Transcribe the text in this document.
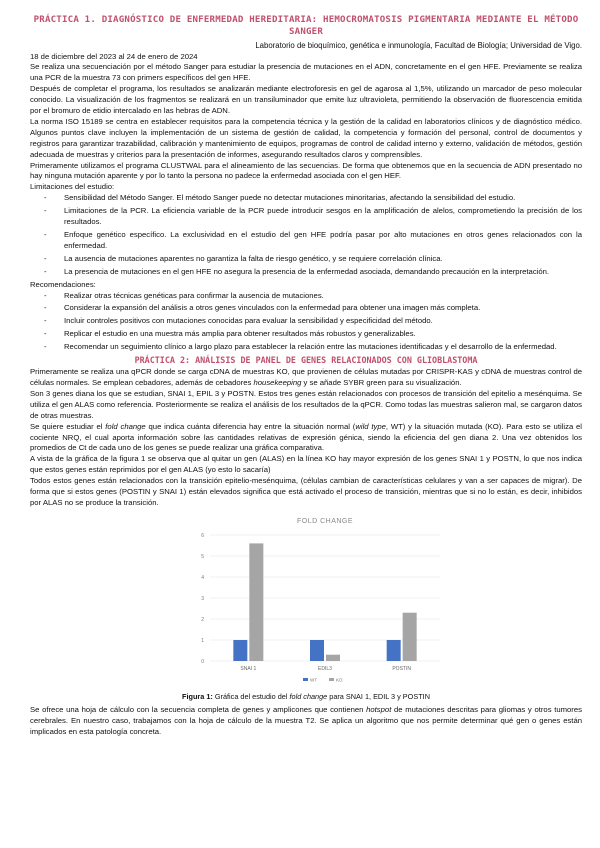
PRÁCTICA 1. DIAGNÓSTICO DE ENFERMEDAD HEREDITARIA: HEMOCROMATOSIS PIGMENTARIA MEDIANTE EL MÉTODO SANGER
Laboratorio de bioquímico, genética e inmunología, Facultad de Biología; Universidad de Vigo.

18 de diciembre del 2023 al 24 de enero de 2024

Se realiza una secuenciación por el método Sanger para estudiar la presencia de mutaciones en el ADN, concretamente en el gen HFE. Previamente se realiza una PCR de la muestra 73 con primers específicos del gen HFE.

Después de completar el programa, los resultados se analizarán mediante electroforesis en gel de agarosa al 1,5%, utilizando un marcador de peso molecular conocido. La visualización de los fragmentos se realizará en un transiluminador que emite luz ultravioleta, permitiendo la observación de fluorescencia emitida por el bromuro de etidio intercalado en las hebras de ADN.

La norma ISO 15189 se centra en establecer requisitos para la competencia técnica y la gestión de la calidad en laboratorios clínicos y de diagnóstico médico. Algunos puntos clave incluyen la implementación de un sistema de gestión de calidad, la competencia y formación del personal, control de documentos y registros para garantizar trazabilidad, calibración y mantenimiento de equipos, programas de control de calidad interno y externo, validación de métodos, gestión adecuada de muestras y criterios para la presentación de informes, asegurando resultados claros y comprensibles.

Primeramente utilizamos el programa CLUSTWAL para el alineamiento de las secuencias. De forma que obtenemos que en la secuencia de ADN presentado no hay ninguna mutación aparente y por lo tanto la persona no padece la enfermedad asociada con el gen HEF.

Limitaciones del estudio:

- Sensibilidad del Método Sanger. El método Sanger puede no detectar mutaciones minoritarias, afectando la sensibilidad del estudio.
- Limitaciones de la PCR. La eficiencia variable de la PCR puede introducir sesgos en la amplificación de alelos, comprometiendo la precisión de los resultados.
- Enfoque genético específico. La exclusividad en el estudio del gen HFE podría pasar por alto mutaciones en otros genes relacionados con la enfermedad.
- La ausencia de mutaciones aparentes no garantiza la falta de riesgo genético, y se requiere correlación clínica.
- La presencia de mutaciones en el gen HFE no asegura la presencia de la enfermedad asociada, demandando precaución en la interpretación.

Recomendaciones:

- Realizar otras técnicas genéticas para confirmar la ausencia de mutaciones.
- Considerar la expansión del análisis a otros genes vinculados con la enfermedad para obtener una imagen más completa.
- Incluir controles positivos con mutaciones conocidas para evaluar la sensibilidad y especificidad del método.
- Replicar el estudio en una muestra más amplia para obtener resultados más robustos y generalizables.
- Recomendar un seguimiento clínico a largo plazo para establecer la relación entre las mutaciones identificadas y el desarrollo de la enfermedad.
PRÁCTICA 2: ANÁLISIS DE PANEL DE GENES RELACIONADOS CON GLIOBLASTOMA

Primeramente se realiza una qPCR donde se carga cDNA de muestras KO, que provienen de células mutadas por CRISPR-KAS y cDNA de muestras control de células normales. Se emplean cebadores, además de cebadores housekeeping y se añade SYBR green para su visualización.

Son 3 genes diana los que se estudian, SNAI 1, EPIL 3 y POSTN. Estos tres genes están relacionados con procesos de transición del epitelio a mesénquima. Se utiliza el gen ALAS como referencia. Posteriormente se realiza el análisis de los resultados de la qPCR. Como todas las muestras salieron mal, se cargaron datos de otras muestras.

Se quiere estudiar el fold change que indica cuánta diferencia hay entre la situación normal (wild type, WT) y la situación mutada (KO). Para esto se utiliza el cociente NRQ, el cual aporta información sobre las cantidades relativas de expresión génica, siendo la eficiencia del gen diana 2. Una vez obtenidos los promedios de Ct de cada uno de los genes se puede realizar una gráfica comparativa.

A vista de la gráfica de la figura 1 se observa que al quitar un gen (ALAS) en la línea KO hay mayor expresión de los genes SNAI 1 y POSTN, lo que nos indica que estos genes están reprimidos por el gen ALAS (yo esto lo sacaría)

Todos estos genes están relacionados con la transición epitelio-mesénquima, (células cambian de características celulares y van a ser capaces de migrar). De forma que si estos genes (POSTIN y SNAI 1) están elevados significa que está activado el proceso de transición, mientras que si no lo están, es decir, inhibidos por ALAS no se produce la transición.

FOLD CHANGE
0
1
2
3
4
5
6
SNAI 1	EDIL3	POSTIN
WT	KO
Figura 1: Gráfica del estudio del fold change para SNAI 1, EDIL 3 y POSTIN

Se ofrece una hoja de cálculo con la secuencia completa de genes y amplicones que contienen hotspot de mutaciones descritas para gliomas y otros tumores cerebrales. En nuestro caso, trabajamos con la hoja de cálculo de la muestra T2. Se aplica un algoritmo que nos permite determinar qué gen o genes están implicados en esta patología concreta.
